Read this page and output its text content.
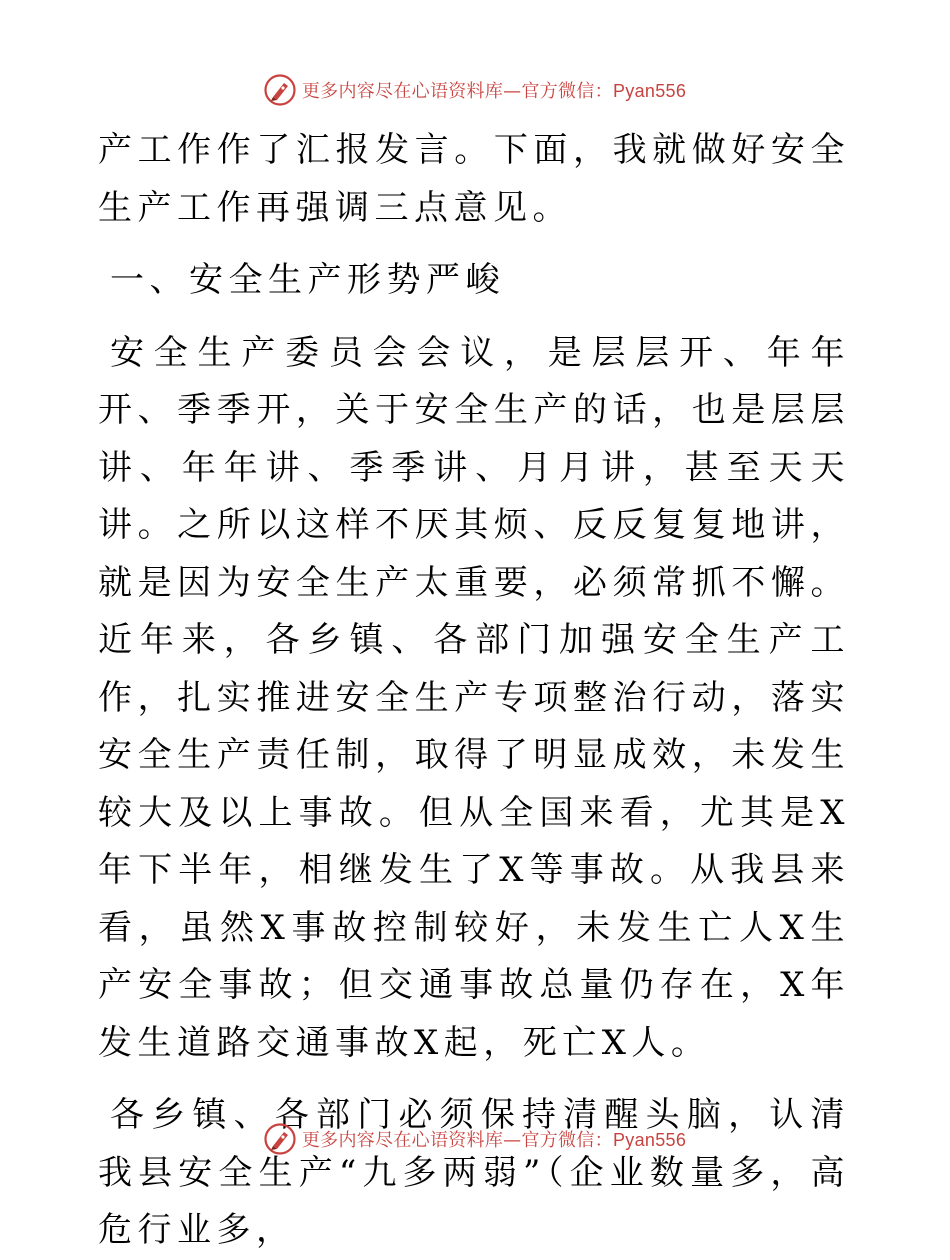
更多内容尽在心语资料库—官方微信：Pyan556

产工作作了汇报发言。下面，我就做好安全生产工作再强调三点意见。

一、安全生产形势严峻

安全生产委员会会议，是层层开、年年开、季季开，关于安全生产的话，也是层层讲、年年讲、季季讲、月月讲，甚至天天讲。之所以这样不厌其烦、反反复复地讲，就是因为安全生产太重要，必须常抓不懈。近年来，各乡镇、各部门加强安全生产工作，扎实推进安全生产专项整治行动，落实安全生产责任制，取得了明显成效，未发生较大及以上事故。但从全国来看，尤其是X年下半年，相继发生了X等事故。从我县来看，虽然X事故控制较好，未发生亡人X生产安全事故；但交通事故总量仍存在，X年发生道路交通事故X起，死亡X人。

各乡镇、各部门必须保持清醒头脑，认清我县安全生产“九多两弱”（企业数量多，高危行业多，

更多内容尽在心语资料库—官方微信：Pyan556
